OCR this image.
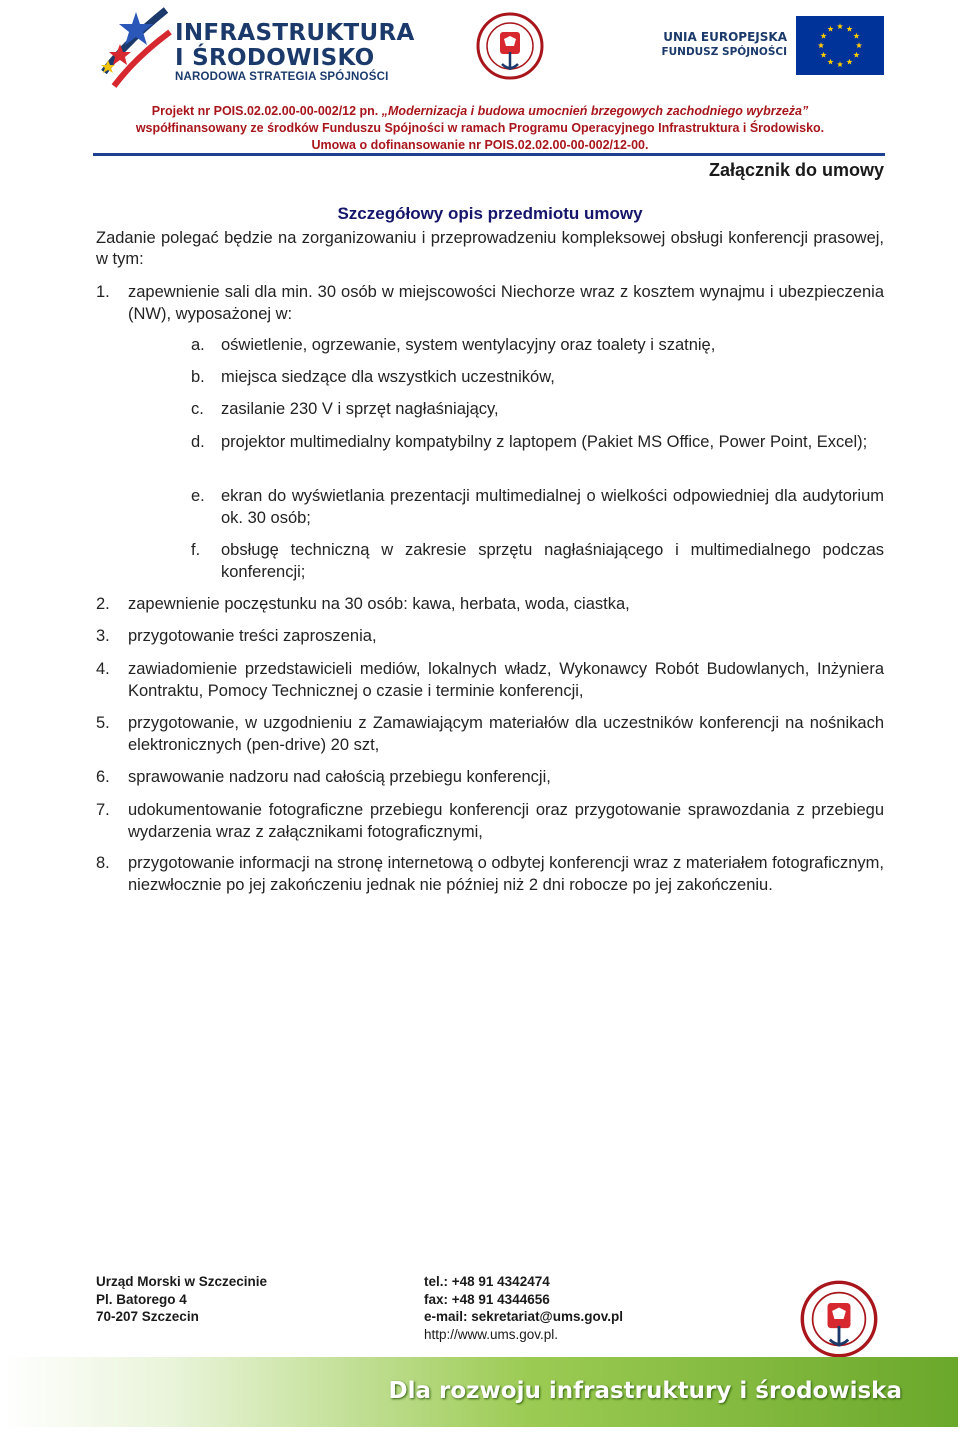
INFRASTRUKTURA
I ŚRODOWISKO
NARODOWA STRATEGIA SPÓJNOŚCI
UNIA EUROPEJSKA
FUNDUSZ SPÓJNOŚCI
Projekt nr POIS.02.02.00-00-002/12 pn. „Modernizacja i budowa umocnień brzegowych zachodniego wybrzeża”
współfinansowany ze środków Funduszu Spójności w ramach Programu Operacyjnego Infrastruktura i Środowisko.
Umowa o dofinansowanie nr POIS.02.02.00-00-002/12-00.
Załącznik do umowy
Szczegółowy opis przedmiotu umowy
Zadanie polegać będzie na zorganizowaniu i przeprowadzeniu kompleksowej obsługi konferencji prasowej, w tym:
1. zapewnienie sali dla min. 30 osób w miejscowości Niechorze wraz z kosztem wynajmu i ubezpieczenia (NW), wyposażonej w:
a. oświetlenie, ogrzewanie, system wentylacyjny oraz toalety i szatnię,
b. miejsca siedzące dla wszystkich uczestników,
c. zasilanie 230 V i sprzęt nagłaśniający,
d. projektor multimedialny kompatybilny z laptopem (Pakiet MS Office, Power Point, Excel);
e. ekran do wyświetlania prezentacji multimedialnej o wielkości odpowiedniej dla audytorium ok. 30 osób;
f. obsługę techniczną w zakresie sprzętu nagłaśniającego i multimedialnego podczas konferencji;
2. zapewnienie poczęstunku na 30 osób: kawa, herbata, woda, ciastka,
3. przygotowanie treści zaproszenia,
4. zawiadomienie przedstawicieli mediów, lokalnych władz, Wykonawcy Robót Budowlanych, Inżyniera Kontraktu, Pomocy Technicznej o czasie i terminie konferencji,
5. przygotowanie, w uzgodnieniu z Zamawiającym materiałów dla uczestników konferencji na nośnikach elektronicznych (pen-drive) 20 szt,
6. sprawowanie nadzoru nad całością przebiegu konferencji,
7. udokumentowanie fotograficzne przebiegu konferencji oraz przygotowanie sprawozdania z przebiegu wydarzenia wraz z załącznikami fotograficznymi,
8. przygotowanie informacji na stronę internetową o odbytej konferencji wraz z materiałem fotograficznym, niezwłocznie po jej zakończeniu jednak nie później niż 2 dni robocze po jej zakończeniu.
Urząd Morski w Szczecinie
Pl. Batorego 4
70-207 Szczecin
tel.: +48 91 4342474
fax: +48 91 4344656
e-mail: sekretariat@ums.gov.pl
http://www.ums.gov.pl.
Dla rozwoju infrastruktury i środowiska
